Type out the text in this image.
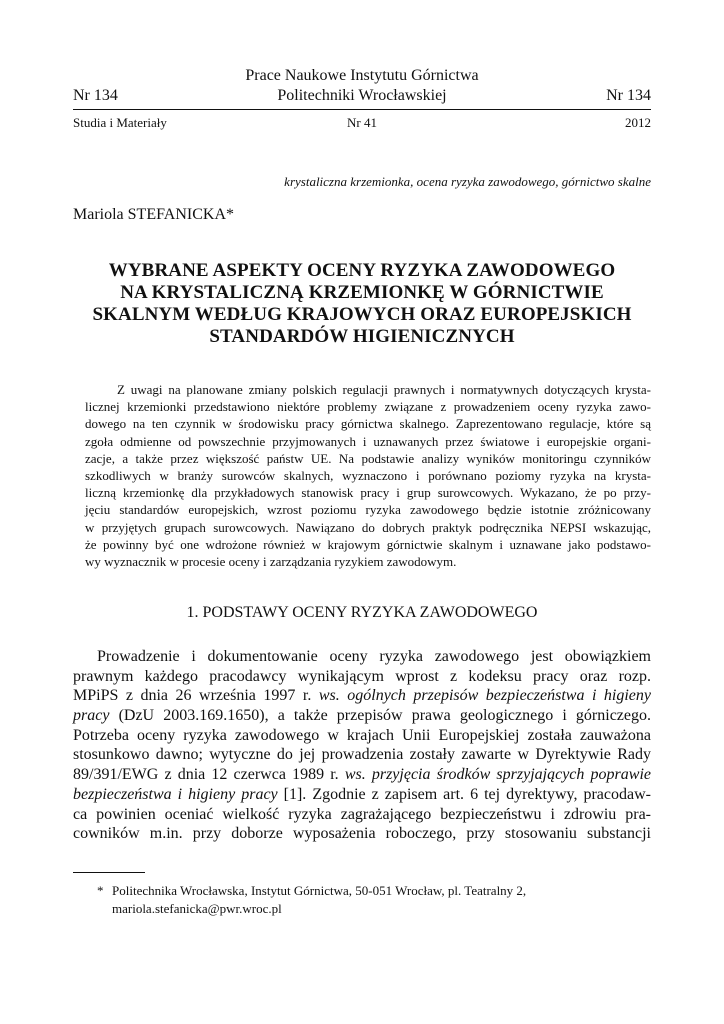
Prace Naukowe Instytutu Górnictwa
Politechniki Wrocławskiej
Nr 134	Nr 134
Studia i Materiały	Nr 41	2012
krystaliczna krzemionka, ocena ryzyka zawodowego, górnictwo skalne
Mariola STEFANICKA*
WYBRANE ASPEKTY OCENY RYZYKA ZAWODOWEGO
NA KRYSTALICZNĄ KRZEMIONKĘ W GÓRNICTWIE
SKALNYM WEDŁUG KRAJOWYCH ORAZ EUROPEJSKICH
STANDARDÓW HIGIENICZNYCH
Z uwagi na planowane zmiany polskich regulacji prawnych i normatywnych dotyczących krysta-
licznej krzemionki przedstawiono niektóre problemy związane z prowadzeniem oceny ryzyka zawo-
dowego na ten czynnik w środowisku pracy górnictwa skalnego. Zaprezentowano regulacje, które są
zgoła odmienne od powszechnie przyjmowanych i uznawanych przez światowe i europejskie organi-
zacje, a także przez większość państw UE. Na podstawie analizy wyników monitoringu czynników
szkodliwych w branży surowców skalnych, wyznaczono i porównano poziomy ryzyka na krysta-
liczną krzemionkę dla przykładowych stanowisk pracy i grup surowcowych. Wykazano, że po przy-
jęciu standardów europejskich, wzrost poziomu ryzyka zawodowego będzie istotnie zróżnicowany
w przyjętych grupach surowcowych. Nawiązano do dobrych praktyk podręcznika NEPSI wskazując,
że powinny być one wdrożone również w krajowym górnictwie skalnym i uznawane jako podstawo-
wy wyznacznik w procesie oceny i zarządzania ryzykiem zawodowym.
1. PODSTAWY OCENY RYZYKA ZAWODOWEGO
Prowadzenie i dokumentowanie oceny ryzyka zawodowego jest obowiązkiem
prawnym każdego pracodawcy wynikającym wprost z kodeksu pracy oraz rozp.
MPiPS z dnia 26 września 1997 r. ws. ogólnych przepisów bezpieczeństwa i higieny
pracy (DzU 2003.169.1650), a także przepisów prawa geologicznego i górniczego.
Potrzeba oceny ryzyka zawodowego w krajach Unii Europejskiej została zauważona
stosunkowo dawno; wytyczne do jej prowadzenia zostały zawarte w Dyrektywie Rady
89/391/EWG z dnia 12 czerwca 1989 r. ws. przyjęcia środków sprzyjających poprawie
bezpieczeństwa i higieny pracy [1]. Zgodnie z zapisem art. 6 tej dyrektywy, pracodaw-
ca powinien oceniać wielkość ryzyka zagrażającego bezpieczeństwu i zdrowiu pra-
cowników m.in. przy doborze wyposażenia roboczego, przy stosowaniu substancji
* Politechnika Wrocławska, Instytut Górnictwa, 50-051 Wrocław, pl. Teatralny 2,
mariola.stefanicka@pwr.wroc.pl
